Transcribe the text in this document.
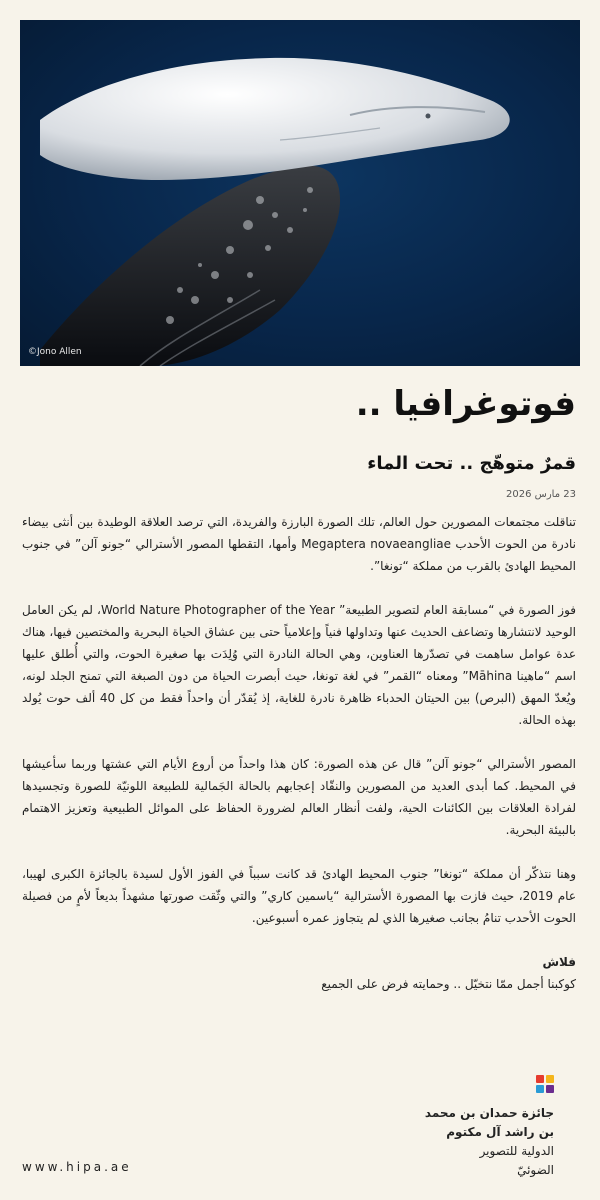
©Jono Allen
فوتوغرافيا ..
قمرٌ متوهّج .. تحت الماء
23 مارس 2026

تناقلت مجتمعات المصورين حول العالم، تلك الصورة البارزة والفريدة، التي ترصد العلاقة الوطيدة بين أنثى بيضاء نادرة من الحوت الأحدب Megaptera novaeangliae وأمها، التقطها المصور الأسترالي “جونو آلن” في جنوب المحيط الهادئ بالقرب من مملكة “تونغا”.

فوز الصورة في “مسابقة العام لتصوير الطبيعة” World Nature Photographer of the Year، لم يكن العامل الوحيد لانتشارها وتضاعف الحديث عنها وتداولها فنياً وإعلامياً حتى بين عشاق الحياة البحرية والمختصين فيها، هناك عدة عوامل ساهمت في تصدّرها العناوين، وهي الحالة النادرة التي وُلِدَت بها صغيرة الحوت، والتي أُطلق عليها اسم “ماهينا Māhina” ومعناه “القمر” في لغة تونغا، حيث أبصرت الحياة من دون الصبغة التي تمنح الجلد لونه، ويُعدّ المهق (البرص) بين الحيتان الحدباء ظاهرة نادرة للغاية، إذ يُقدّر أن واحداً فقط من كل 40 ألف حوت يُولد بهذه الحالة.

المصور الأسترالي “جونو آلن” قال عن هذه الصورة: كان هذا واحداً من أروع الأيام التي عشتها وربما سأعيشها في المحيط. كما أبدى العديد من المصورين والنقّاد إعجابهم بالحالة الجَمالية للطبيعة اللونيّة للصورة وتجسيدها لفرادة العلاقات بين الكائنات الحية، ولفت أنظار العالم لضرورة الحفاظ على الموائل الطبيعية وتعزيز الاهتمام بالبيئة البحرية.

وهنا نتذكّر أن مملكة “تونغا” جنوب المحيط الهادئ قد كانت سبباً في الفوز الأول لسيدة بالجائزة الكبرى لهيبا، عام 2019، حيث فازت بها المصورة الأسترالية “ياسمين كاري” والتي وثّقت صورتها مشهداً بديعاً لأمٍ من فصيلة الحوت الأحدب تنامُ بجانب صغيرها الذي لم يتجاوز عمره أسبوعين.

فلاش

كوكبنا أجمل ممّا نتخيّل .. وحمايته فرض على الجميع

جائزة حمدان بن محمد
بن راشد آل مكتوم
الدولية للتصوير
الضوئيّ
www.hipa.ae
